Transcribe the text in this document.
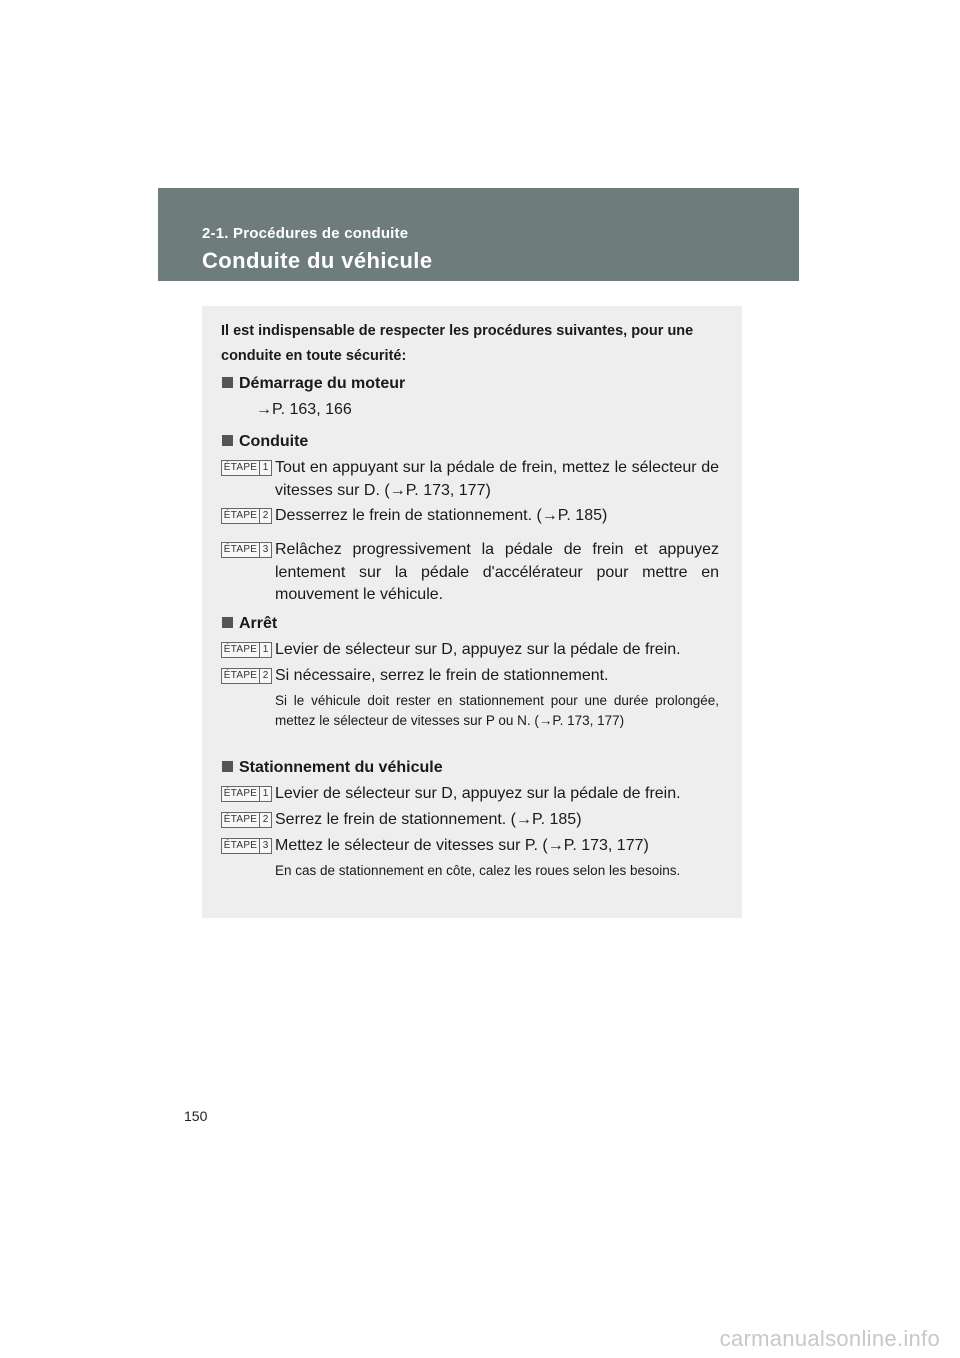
2-1. Procédures de conduite
Conduite du véhicule
Il est indispensable de respecter les procédures suivantes, pour une conduite en toute sécurité:
Démarrage du moteur
→P. 163, 166
Conduite
ÉTAPE 1 Tout en appuyant sur la pédale de frein, mettez le sélecteur de vitesses sur D. (→P. 173, 177)
ÉTAPE 2 Desserrez le frein de stationnement. (→P. 185)
ÉTAPE 3 Relâchez progressivement la pédale de frein et appuyez lentement sur la pédale d'accélérateur pour mettre en mouvement le véhicule.
Arrêt
ÉTAPE 1 Levier de sélecteur sur D, appuyez sur la pédale de frein.
ÉTAPE 2 Si nécessaire, serrez le frein de stationnement.
Si le véhicule doit rester en stationnement pour une durée prolongée, mettez le sélecteur de vitesses sur P ou N. (→P. 173, 177)
Stationnement du véhicule
ÉTAPE 1 Levier de sélecteur sur D, appuyez sur la pédale de frein.
ÉTAPE 2 Serrez le frein de stationnement. (→P. 185)
ÉTAPE 3 Mettez le sélecteur de vitesses sur P. (→P. 173, 177)
En cas de stationnement en côte, calez les roues selon les besoins.
150
carmanualsonline.info
